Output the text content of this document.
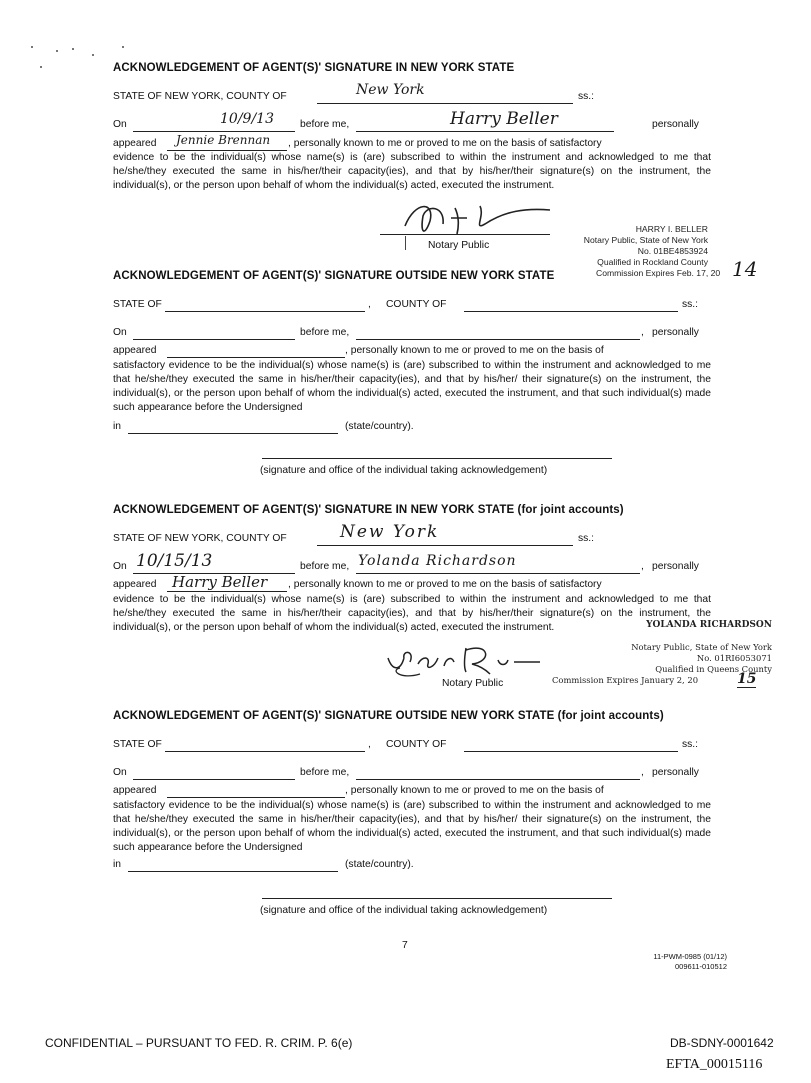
ACKNOWLEDGEMENT OF AGENT(S)' SIGNATURE IN NEW YORK STATE
STATE OF NEW YORK, COUNTY OF	New York	ss.:
On	10/9/13	before me,	Harry Beller	personally
appeared Jennie Brennan , personally known to me or proved to me on the basis of satisfactory
evidence to be the individual(s) whose name(s) is (are) subscribed to within the instrument and acknowledged to me that he/she/they executed the same in his/her/their capacity(ies), and that by his/her/their signature(s) on the instrument, the individual(s), or the person upon behalf of whom the individual(s) acted, executed the instrument.
Notary Public
HARRY I. BELLER
Notary Public, State of New York
No. 01BE4853924
Qualified in Rockland County
Commission Expires Feb. 17, 20 14
ACKNOWLEDGEMENT OF AGENT(S)' SIGNATURE OUTSIDE NEW YORK STATE
STATE OF	, COUNTY OF	ss.:
On	before me,	, personally
appeared	, personally known to me or proved to me on the basis of
satisfactory evidence to be the individual(s) whose name(s) is (are) subscribed to within the instrument and acknowledged to me that he/she/they executed the same in his/her/their capacity(ies), and that by his/her/ their signature(s) on the instrument, the individual(s), or the person upon behalf of whom the individual(s) acted, executed the instrument, and that such individual(s) made such appearance before the Undersigned
in	(state/country).
(signature and office of the individual taking acknowledgement)
ACKNOWLEDGEMENT OF AGENT(S)' SIGNATURE IN NEW YORK STATE (for joint accounts)
STATE OF NEW YORK, COUNTY OF	New York	ss.:
On 10/15/13	before me, Yolanda Richardson	, personally
appeared Harry Beller , personally known to me or proved to me on the basis of satisfactory
evidence to be the individual(s) whose name(s) is (are) subscribed to within the instrument and acknowledged to me that he/she/they executed the same in his/her/their capacity(ies), and that by his/her/their signature(s) on the instrument, the individual(s), or the person upon behalf of whom the individual(s) acted, executed the instrument.	YOLANDA RICHARDSON
Notary Public, State of New York
No. 01RI6053071
Qualified in Queens County
Commission Expires January 2, 20	15
Notary Public
ACKNOWLEDGEMENT OF AGENT(S)' SIGNATURE OUTSIDE NEW YORK STATE (for joint accounts)
STATE OF	, COUNTY OF	ss.:
On	before me,	, personally
appeared	, personally known to me or proved to me on the basis of
satisfactory evidence to be the individual(s) whose name(s) is (are) subscribed to within the instrument and acknowledged to me that he/she/they executed the same in his/her/their capacity(ies), and that by his/her/ their signature(s) on the instrument, the individual(s), or the person upon behalf of whom the individual(s) acted, executed the instrument, and that such individual(s) made such appearance before the Undersigned
in	(state/country).
(signature and office of the individual taking acknowledgement)
7
11-PWM-0985 (01/12)
009611-010512
CONFIDENTIAL – PURSUANT TO FED. R. CRIM. P. 6(e)	DB-SDNY-0001642
EFTA_00015116
